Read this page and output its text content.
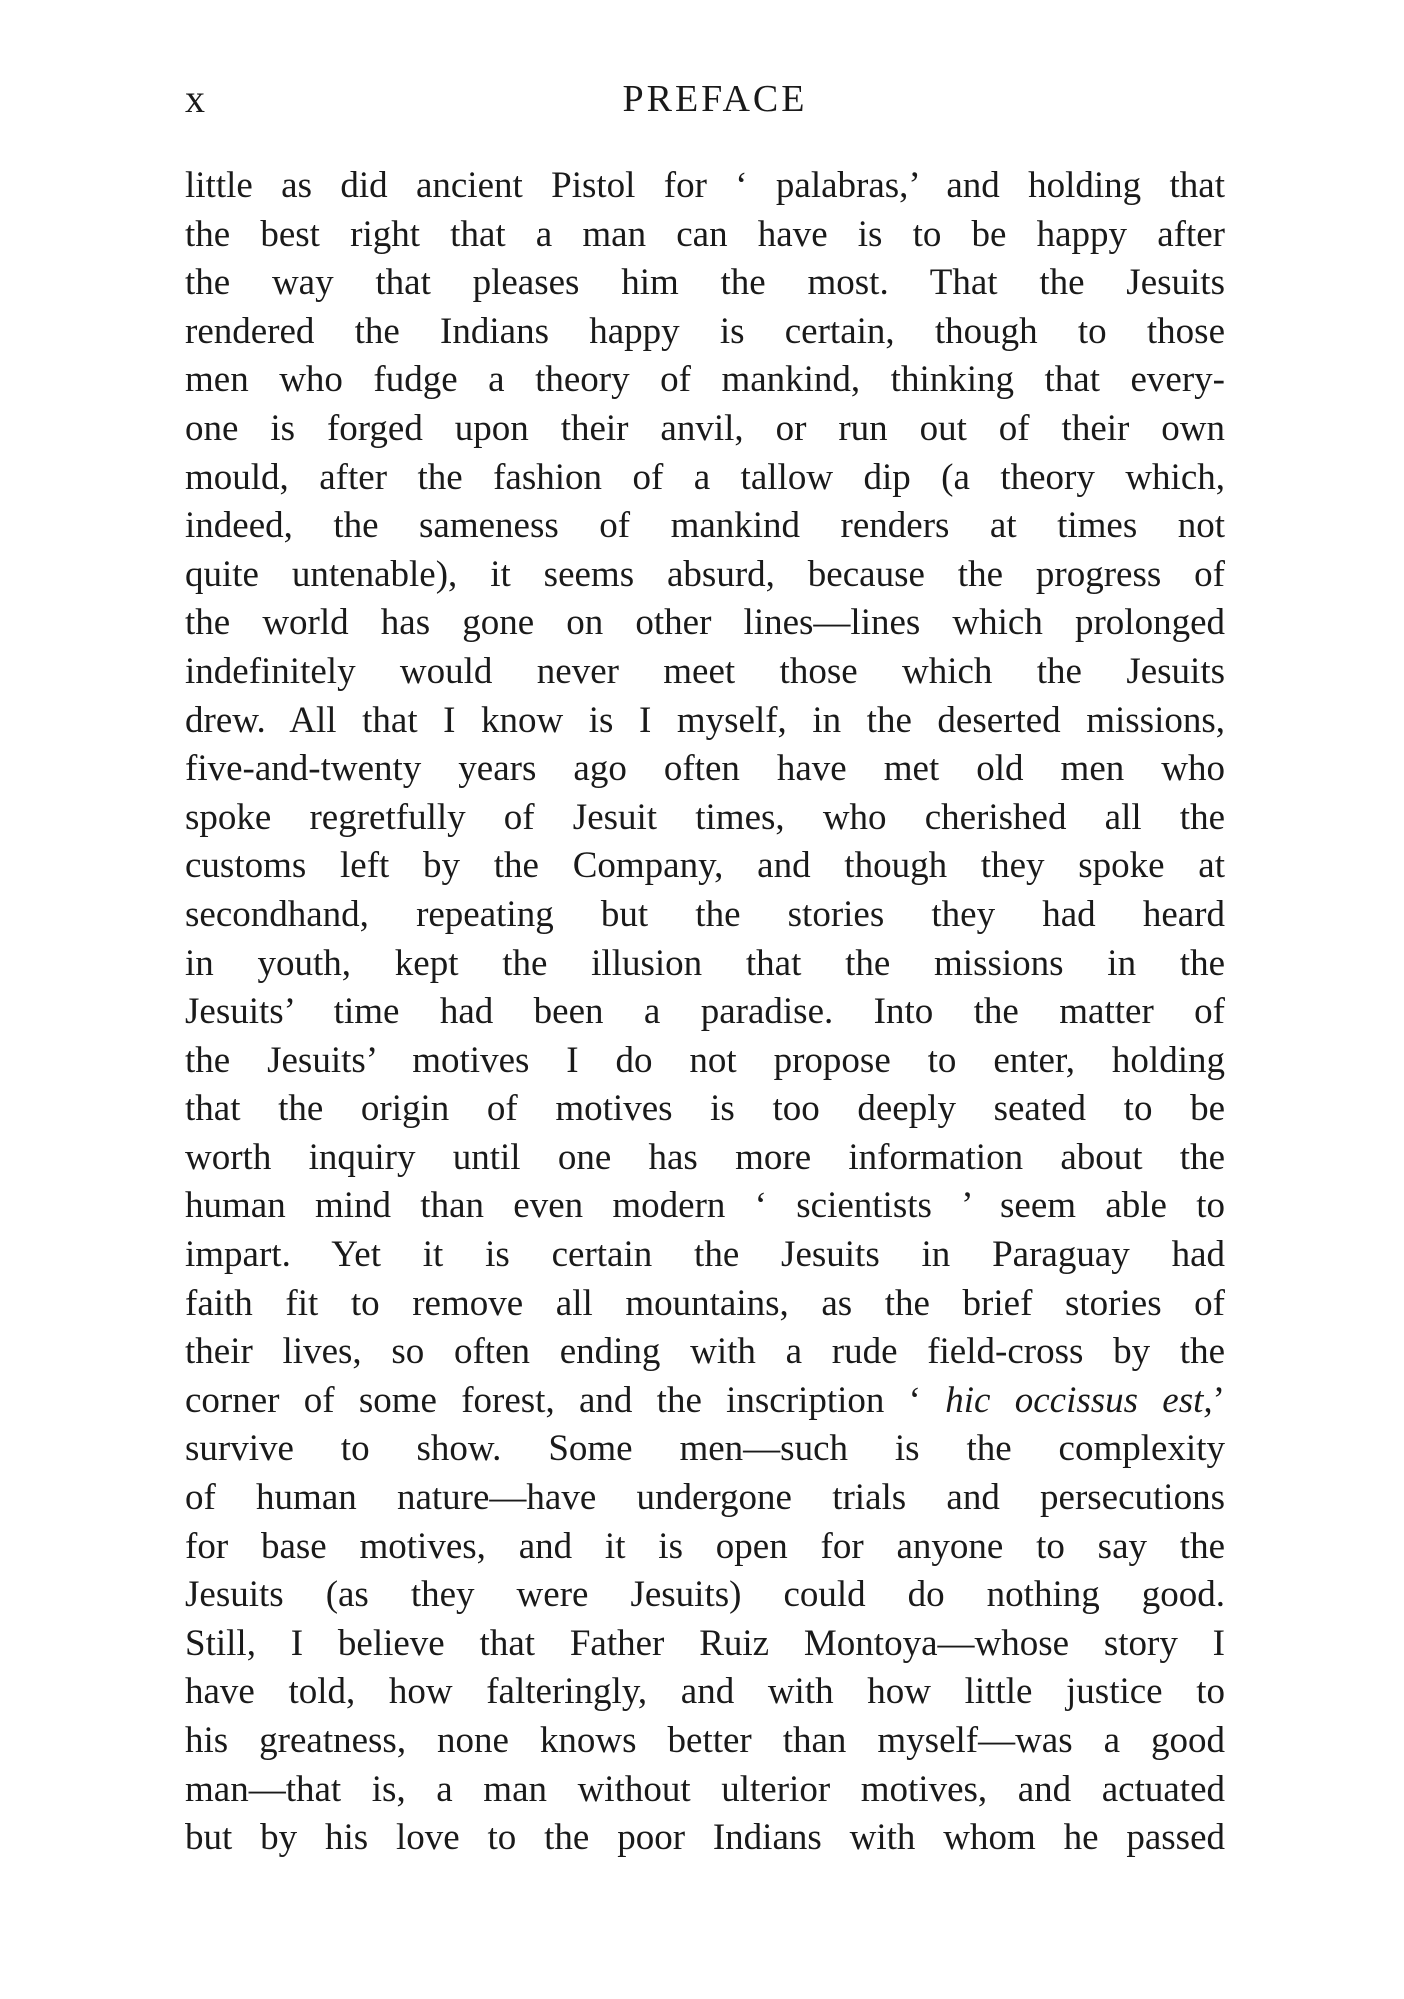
x	PREFACE
little as did ancient Pistol for ‘ palabras,’ and holding that
the best right that a man can have is to be happy after
the way that pleases him the most. That the Jesuits
rendered the Indians happy is certain, though to those
men who fudge a theory of mankind, thinking that every-
one is forged upon their anvil, or run out of their own
mould, after the fashion of a tallow dip (a theory which,
indeed, the sameness of mankind renders at times not
quite untenable), it seems absurd, because the progress of
the world has gone on other lines—lines which prolonged
indefinitely would never meet those which the Jesuits
drew. All that I know is I myself, in the deserted missions,
five-and-twenty years ago often have met old men who
spoke regretfully of Jesuit times, who cherished all the
customs left by the Company, and though they spoke at
secondhand, repeating but the stories they had heard
in youth, kept the illusion that the missions in the
Jesuits’ time had been a paradise. Into the matter of
the Jesuits’ motives I do not propose to enter, holding
that the origin of motives is too deeply seated to be
worth inquiry until one has more information about the
human mind than even modern ‘ scientists ’ seem able to
impart. Yet it is certain the Jesuits in Paraguay had
faith fit to remove all mountains, as the brief stories of
their lives, so often ending with a rude field-cross by the
corner of some forest, and the inscription ‘ hic occissus est,’
survive to show. Some men—such is the complexity
of human nature—have undergone trials and persecutions
for base motives, and it is open for anyone to say the
Jesuits (as they were Jesuits) could do nothing good.
Still, I believe that Father Ruiz Montoya—whose story I
have told, how falteringly, and with how little justice to
his greatness, none knows better than myself—was a good
man—that is, a man without ulterior motives, and actuated
but by his love to the poor Indians with whom he passed
